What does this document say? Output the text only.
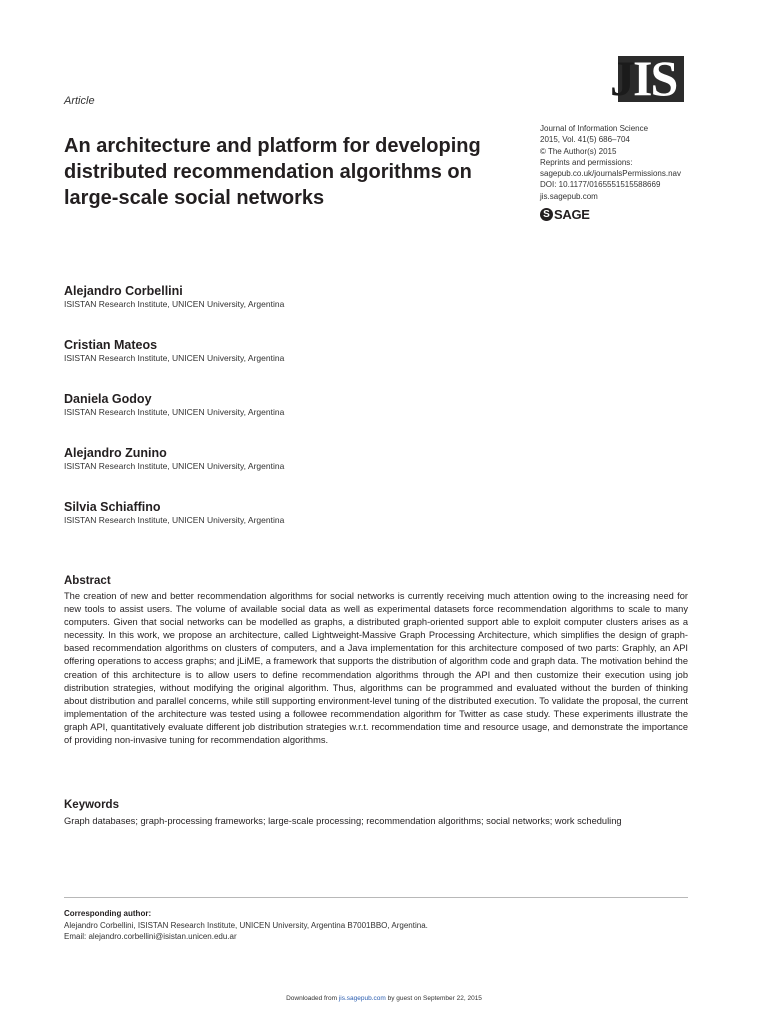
JIS
Article
An architecture and platform for developing distributed recommendation algorithms on large-scale social networks
Journal of Information Science
2015, Vol. 41(5) 686–704
© The Author(s) 2015
Reprints and permissions:
sagepub.co.uk/journalsPermissions.nav
DOI: 10.1177/0165551515588669
jis.sagepub.com
S SAGE
Alejandro Corbellini
ISISTAN Research Institute, UNICEN University, Argentina
Cristian Mateos
ISISTAN Research Institute, UNICEN University, Argentina
Daniela Godoy
ISISTAN Research Institute, UNICEN University, Argentina
Alejandro Zunino
ISISTAN Research Institute, UNICEN University, Argentina
Silvia Schiaffino
ISISTAN Research Institute, UNICEN University, Argentina
Abstract
The creation of new and better recommendation algorithms for social networks is currently receiving much attention owing to the increasing need for new tools to assist users. The volume of available social data as well as experimental datasets force recommendation algorithms to scale to many computers. Given that social networks can be modelled as graphs, a distributed graph-oriented support able to exploit computer clusters arises as a necessity. In this work, we propose an architecture, called Lightweight-Massive Graph Processing Architecture, which simplifies the design of graph-based recommendation algorithms on clusters of computers, and a Java implementation for this architecture composed of two parts: Graphly, an API offering operations to access graphs; and jLiME, a framework that supports the distribution of algorithm code and graph data. The motivation behind the creation of this architecture is to allow users to define recommendation algorithms through the API and then customize their execution using job distribution strategies, without modifying the original algorithm. Thus, algorithms can be programmed and evaluated without the burden of thinking about distribution and parallel concerns, while still supporting environment-level tuning of the distributed execution. To validate the proposal, the current implementation of the architecture was tested using a followee recommendation algorithm for Twitter as case study. These experiments illustrate the graph API, quantitatively evaluate different job distribution strategies w.r.t. recommendation time and resource usage, and demonstrate the importance of providing non-invasive tuning for recommendation algorithms.
Keywords
Graph databases; graph-processing frameworks; large-scale processing; recommendation algorithms; social networks; work scheduling
Corresponding author:
Alejandro Corbellini, ISISTAN Research Institute, UNICEN University, Argentina B7001BBO, Argentina.
Email: alejandro.corbellini@isistan.unicen.edu.ar
Downloaded from jis.sagepub.com by guest on September 22, 2015
